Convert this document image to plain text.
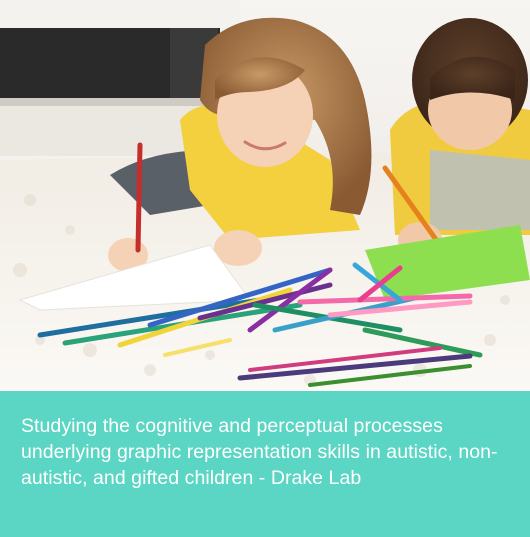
Studying the cognitive and perceptual processes underlying graphic representation skills in autistic, non-autistic, and gifted children - Drake Lab
